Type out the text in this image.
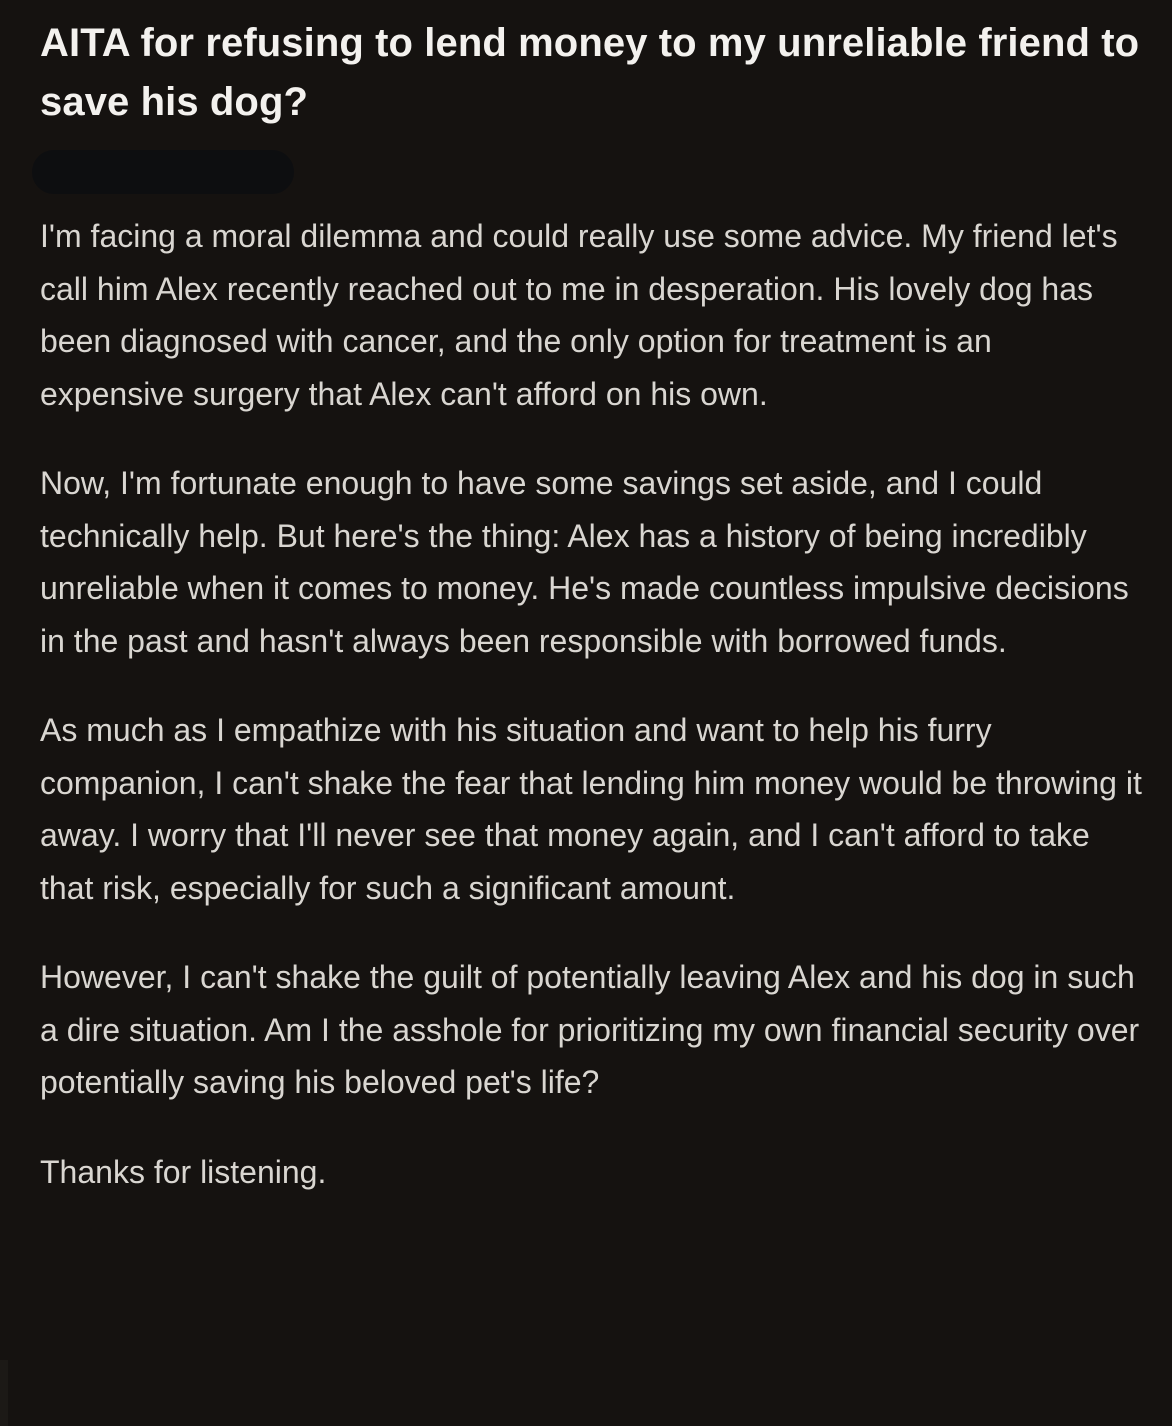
AITA for refusing to lend money to my unreliable friend to save his dog?

I'm facing a moral dilemma and could really use some advice. My friend let's call him Alex recently reached out to me in desperation. His lovely dog has been diagnosed with cancer, and the only option for treatment is an expensive surgery that Alex can't afford on his own.

Now, I'm fortunate enough to have some savings set aside, and I could technically help. But here's the thing: Alex has a history of being incredibly unreliable when it comes to money. He's made countless impulsive decisions in the past and hasn't always been responsible with borrowed funds.

As much as I empathize with his situation and want to help his furry companion, I can't shake the fear that lending him money would be throwing it away. I worry that I'll never see that money again, and I can't afford to take that risk, especially for such a significant amount.

However, I can't shake the guilt of potentially leaving Alex and his dog in such a dire situation. Am I the asshole for prioritizing my own financial security over potentially saving his beloved pet's life?

Thanks for listening.
